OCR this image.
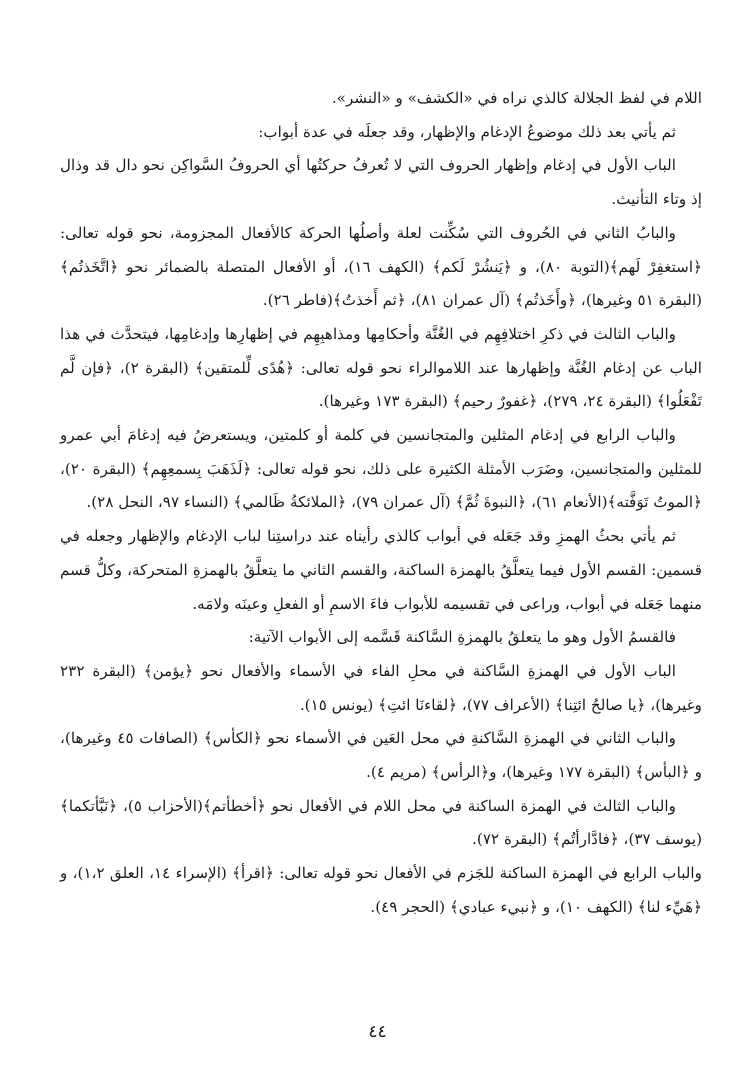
اللام في لفظ الجلالة كالذي نراه في «الكشف» و «النشر».

ثم يأتي بعد ذلك موضوعُ الإدغام والإظهار، وقد جعلَه في عدة أبواب:

الباب الأول في إدغام وإظهار الحروف التي لا تُعرفُ حركتُها أي الحروفُ السَّواكِن نحو دال قد وذال إذ وتاء التأنيث.

والبابُ الثاني في الحُروف التي سُكِّنت لعلة وأصلُها الحركة كالأفعال المجزومة، نحو قوله تعالى: ﴿استغفِرْ لَهم﴾(التوبة ٨٠)، و ﴿يَنشُرْ لَكم﴾ (الكهف ١٦)، أو الأفعال المتصلة بالضمائر نحو ﴿اتَّخَذتُم﴾ (البقرة ٥١ وغيرها)، ﴿وأَخَذتُم﴾ (آل عمران ٨١)، ﴿ثم أَخذتُ﴾(فاطر ٢٦).

والباب الثالث في ذكرِ اختلافِهِم في الغُنَّة وأحكامِها ومذاهبِهِم في إظهارِها وإدغامِها، فيتحدَّث في هذا الباب عن إدغام الغُنَّة وإظهارها عند اللاموالراء نحو قوله تعالى: ﴿هُدًى لِّلمتقين﴾ (البقرة ٢)، ﴿فإن لَّم تَفْعَلُوا﴾ (البقرة ٢٤، ٢٧٩)، ﴿غفورٌ رحيم﴾ (البقرة ١٧٣ وغيرها).

والباب الرابع في إدغام المثلين والمتجانسين في كلمة أو كلمتين، ويستعرضُ فيه إدغامَ أبي عمرو للمثلين والمتجانسين، وضَرَب الأمثلة الكثيرة على ذلك، نحو قوله تعالى: ﴿لَذَهَبَ بِسمعِهِم﴾ (البقرة ٢٠)، ﴿الموتُ تَوَفَّته﴾(الأنعام ٦١)، ﴿النبوةَ ثُمَّ﴾ (آل عمران ٧٩)، ﴿الملائكةُ ظَالمي﴾ (النساء ٩٧، النحل ٢٨).

ثم يأتي بحثُ الهمزِ وقد جَعَله في أبواب كالذي رأيناه عند دراستِنا لباب الإدغام والإظهار وجعله في قسمين: القسم الأول فيما يتعلَّقُ بالهمزة الساكنة، والقسم الثاني ما يتعلَّقُ بالهمزةِ المتحركة، وكلُّ قسم منهما جَعَله في أبواب، وراعى في تقسيمه للأبواب فاءَ الاسمِ أو الفعلِ وعينَه ولامَه.

فالقسمُ الأول وهو ما يتعلقُ بالهمزةِ السَّاكنة قَسَّمه إلى الأبواب الآتية:

الباب الأول في الهمزةِ السَّاكنة في محلِ الفاء في الأسماء والأفعال نحو ﴿يؤمن﴾ (البقرة ٢٣٢ وغيرها)، ﴿يا صالحُ ائتِنا﴾ (الأعراف ٧٧)، ﴿لقاءنَا ائتِ﴾ (يونس ١٥).

والباب الثاني في الهمزةِ السَّاكنةِ في محل العَين في الأسماء نحو ﴿الكأس﴾ (الصافات ٤٥ وغيرها)، و ﴿البأس﴾ (البقرة ١٧٧ وغيرها)، و﴿الرأس﴾ (مريم ٤).

والباب الثالث في الهمزة الساكنة في محل اللام في الأفعال نحو ﴿أخطأتم﴾(الأحزاب ٥)، ﴿نَبَّأتكما﴾(يوسف ٣٧)، ﴿فادَّارأتُم﴾ (البقرة ٧٢).

والباب الرابع في الهمزة الساكنة للجَزم في الأفعال نحو قوله تعالى: ﴿اقرأ﴾ (الإسراء ١٤، العلق ١،٢)، و ﴿هَيِّء لنا﴾ (الكهف ١٠)، و ﴿نبيء عبادي﴾ (الحجر ٤٩).

٤٤
